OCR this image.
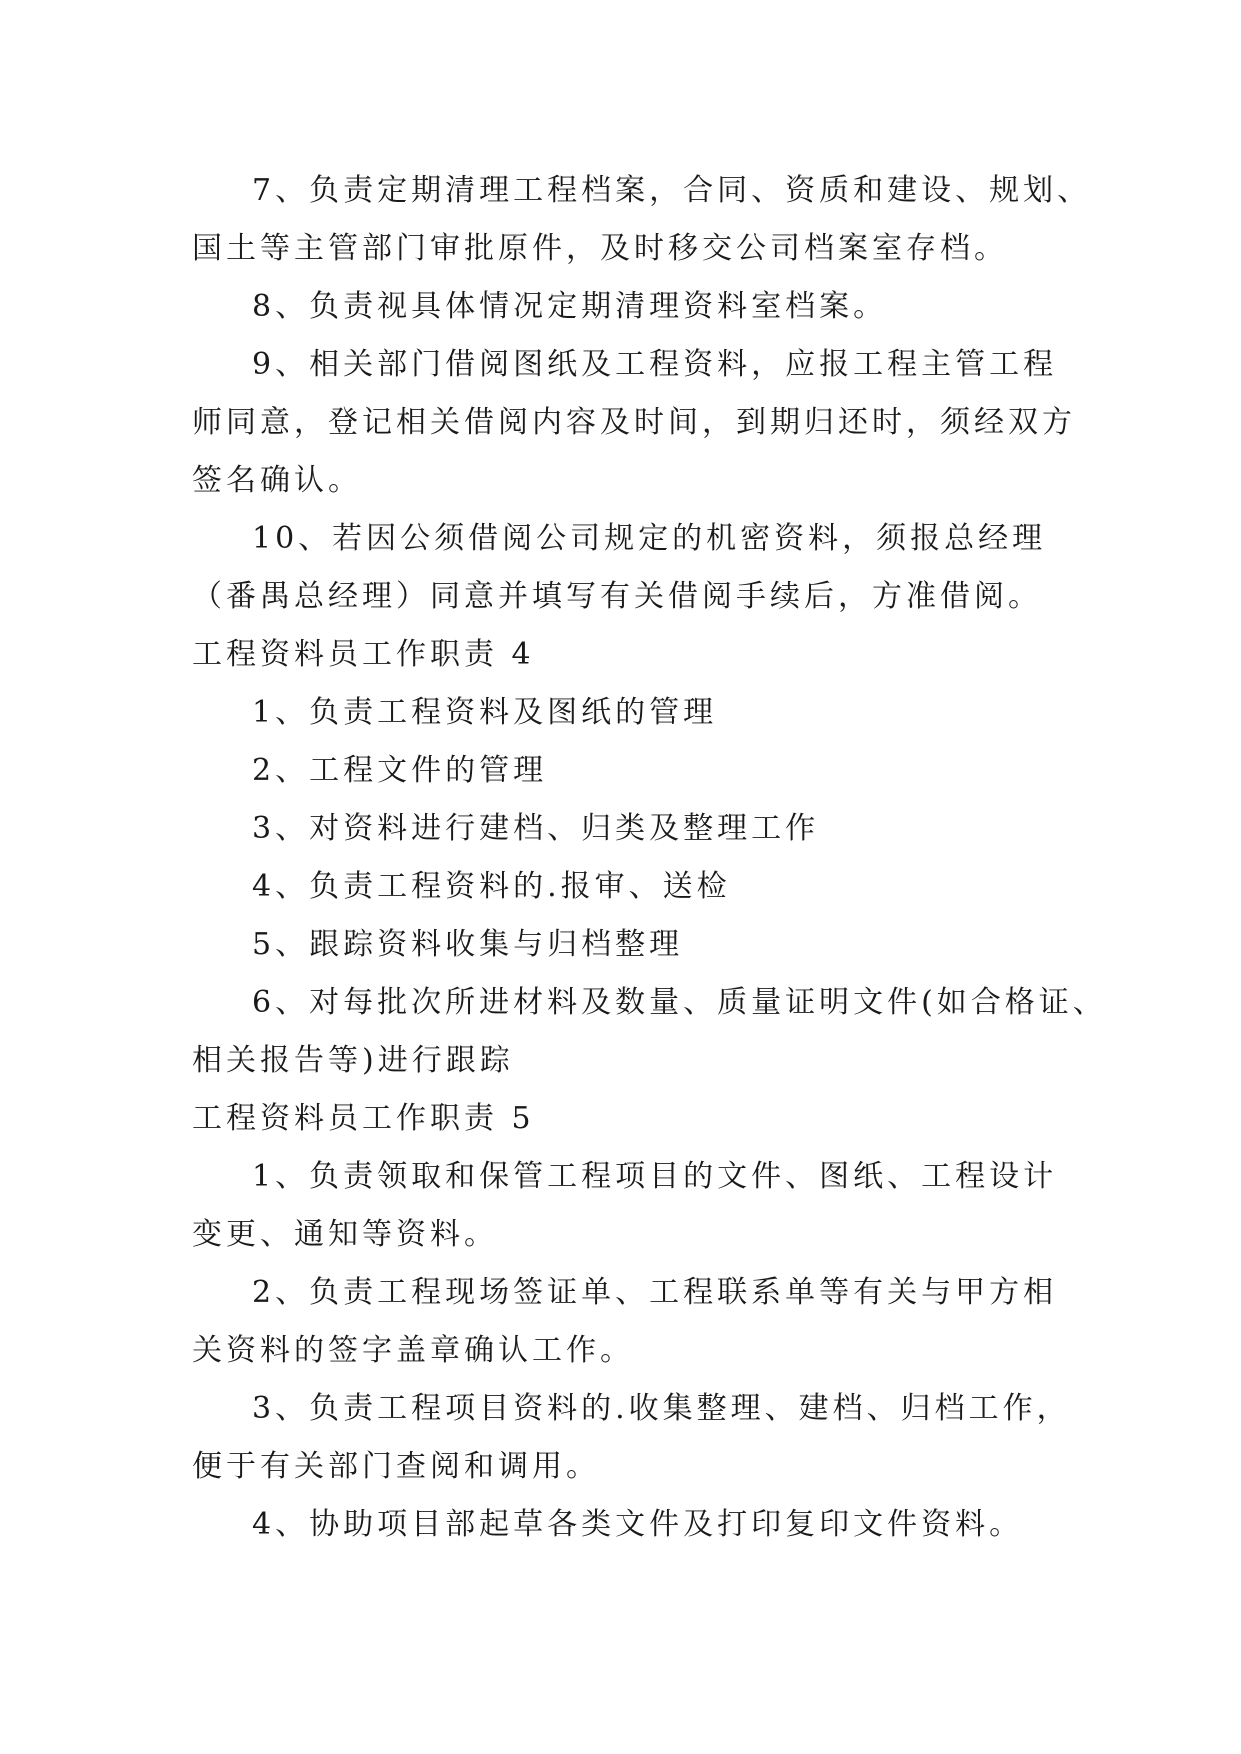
7、负责定期清理工程档案，合同、资质和建设、规划、
国土等主管部门审批原件，及时移交公司档案室存档。

8、负责视具体情况定期清理资料室档案。

9、相关部门借阅图纸及工程资料，应报工程主管工程
师同意，登记相关借阅内容及时间，到期归还时，须经双方
签名确认。

10、若因公须借阅公司规定的机密资料，须报总经理
（番禺总经理）同意并填写有关借阅手续后，方准借阅。

工程资料员工作职责 4

1、负责工程资料及图纸的管理

2、工程文件的管理

3、对资料进行建档、归类及整理工作

4、负责工程资料的.报审、送检

5、跟踪资料收集与归档整理

6、对每批次所进材料及数量、质量证明文件(如合格证、
相关报告等)进行跟踪

工程资料员工作职责 5

1、负责领取和保管工程项目的文件、图纸、工程设计
变更、通知等资料。

2、负责工程现场签证单、工程联系单等有关与甲方相
关资料的签字盖章确认工作。

3、负责工程项目资料的.收集整理、建档、归档工作，
便于有关部门查阅和调用。

4、协助项目部起草各类文件及打印复印文件资料。
